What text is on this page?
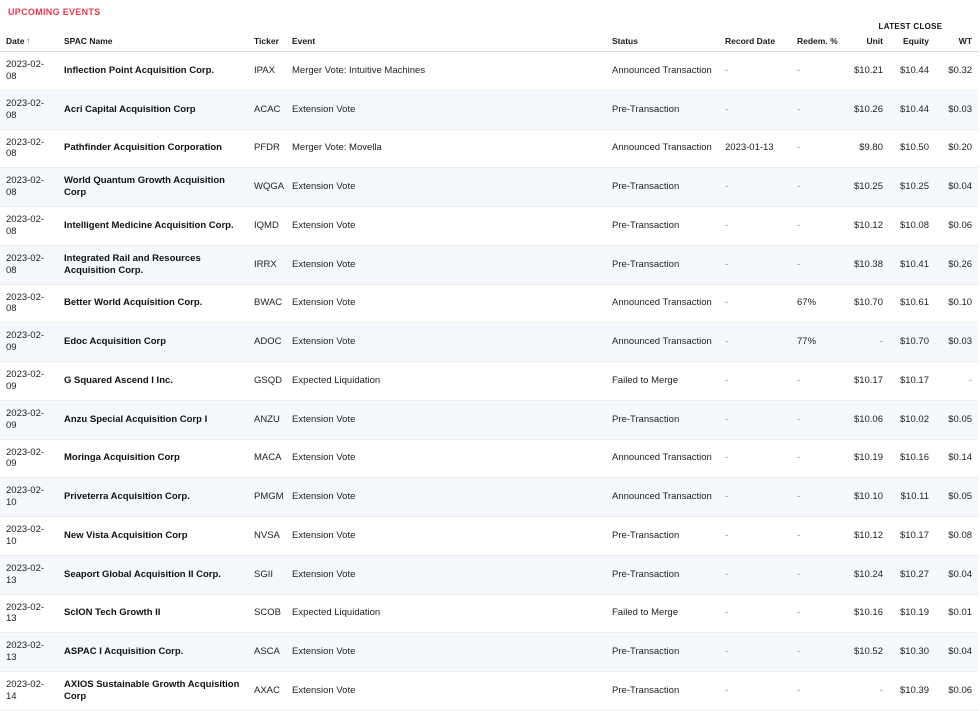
UPCOMING EVENTS
							LATEST CLOSE		
Date ↑	SPAC Name	Ticker	Event	Status	Record Date	Redem. %	Unit	Equity	WT
2023-02-08	Inflection Point Acquisition Corp.	IPAX	Merger Vote: Intuitive Machines	Announced Transaction	-	-	$10.21	$10.44	$0.32
2023-02-08	Acri Capital Acquisition Corp	ACAC	Extension Vote	Pre-Transaction	-	-	$10.26	$10.44	$0.03
2023-02-08	Pathfinder Acquisition Corporation	PFDR	Merger Vote: Movella	Announced Transaction	2023-01-13	-	$9.80	$10.50	$0.20
2023-02-08	World Quantum Growth Acquisition Corp	WQGA	Extension Vote	Pre-Transaction	-	-	$10.25	$10.25	$0.04
2023-02-08	Intelligent Medicine Acquisition Corp.	IQMD	Extension Vote	Pre-Transaction	-	-	$10.12	$10.08	$0.06
2023-02-08	Integrated Rail and Resources Acquisition Corp.	IRRX	Extension Vote	Pre-Transaction	-	-	$10.38	$10.41	$0.26
2023-02-08	Better World Acquisition Corp.	BWAC	Extension Vote	Announced Transaction	-	67%	$10.70	$10.61	$0.10
2023-02-09	Edoc Acquisition Corp	ADOC	Extension Vote	Announced Transaction	-	77%	-	$10.70	$0.03
2023-02-09	G Squared Ascend I Inc.	GSQD	Expected Liquidation	Failed to Merge	-	-	$10.17	$10.17	-
2023-02-09	Anzu Special Acquisition Corp I	ANZU	Extension Vote	Pre-Transaction	-	-	$10.06	$10.02	$0.05
2023-02-09	Moringa Acquisition Corp	MACA	Extension Vote	Announced Transaction	-	-	$10.19	$10.16	$0.14
2023-02-10	Priveterra Acquisition Corp.	PMGM	Extension Vote	Announced Transaction	-	-	$10.10	$10.11	$0.05
2023-02-10	New Vista Acquisition Corp	NVSA	Extension Vote	Pre-Transaction	-	-	$10.12	$10.17	$0.08
2023-02-13	Seaport Global Acquisition II Corp.	SGII	Extension Vote	Pre-Transaction	-	-	$10.24	$10.27	$0.04
2023-02-13	ScION Tech Growth II	SCOB	Expected Liquidation	Failed to Merge	-	-	$10.16	$10.19	$0.01
2023-02-13	ASPAC I Acquisition Corp.	ASCA	Extension Vote	Pre-Transaction	-	-	$10.52	$10.30	$0.04
2023-02-14	AXIOS Sustainable Growth Acquisition Corp	AXAC	Extension Vote	Pre-Transaction	-	-	-	$10.39	$0.06
